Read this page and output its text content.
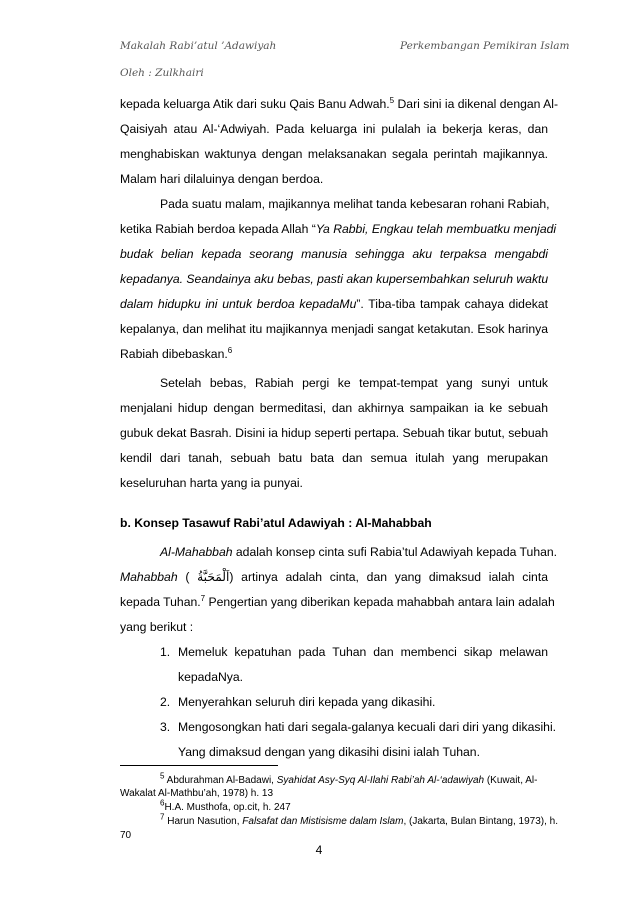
Makalah Rabi’atul ’Adawiyah	Perkembangan Pemikiran Islam
Oleh : Zulkhairi
kepada keluarga Atik dari suku Qais Banu Adwah.$^5$ Dari sini ia dikenal dengan Al-
Qaisiyah atau Al-‘Adwiyah. Pada keluarga ini pulalah ia bekerja keras, dan
menghabiskan waktunya dengan melaksanakan segala perintah majikannya.
Malam hari dilaluinya dengan berdoa.
Pada suatu malam, majikannya melihat tanda kebesaran rohani Rabiah,
ketika Rabiah berdoa kepada Allah “Ya Rabbi, Engkau telah membuatku menjadi
budak belian kepada seorang manusia sehingga aku terpaksa mengabdi
kepadanya. Seandainya aku bebas, pasti akan kupersembahkan seluruh waktu
dalam hidupku ini untuk berdoa kepadaMu”. Tiba-tiba tampak cahaya didekat
kepalanya, dan melihat itu majikannya menjadi sangat ketakutan. Esok harinya
Rabiah dibebaskan.$^6$
Setelah bebas, Rabiah pergi ke tempat-tempat yang sunyi untuk
menjalani hidup dengan bermeditasi, dan akhirnya sampaikan ia ke sebuah
gubuk dekat Basrah. Disini ia hidup seperti pertapa. Sebuah tikar butut, sebuah
kendil dari tanah, sebuah batu bata dan semua itulah yang merupakan
keseluruhan harta yang ia punyai.
b. Konsep Tasawuf Rabi’atul Adawiyah : Al-Mahabbah
Al-Mahabbah adalah konsep cinta sufi Rabia’tul Adawiyah kepada Tuhan.
Mahabbah ( اَلْمَحَبَّةُ) artinya adalah cinta, dan yang dimaksud ialah cinta
kepada Tuhan.$^7$ Pengertian yang diberikan kepada mahabbah antara lain adalah
yang berikut :
1. Memeluk kepatuhan pada Tuhan dan membenci sikap melawan
kepadaNya.
2. Menyerahkan seluruh diri kepada yang dikasihi.
3. Mengosongkan hati dari segala-galanya kecuali dari diri yang dikasihi.
Yang dimaksud dengan yang dikasihi disini ialah Tuhan.
$^5$ Abdurahman Al-Badawi, Syahidat Asy-Syq Al-Ilahi Rabi’ah Al-‘adawiyah (Kuwait, Al-
Wakalat Al-Mathbu’ah, 1978) h. 13
$^6$H.A. Musthofa, op.cit, h. 247
$^7$ Harun Nasution, Falsafat dan Mistisisme dalam Islam, (Jakarta, Bulan Bintang, 1973), h.
70
4
